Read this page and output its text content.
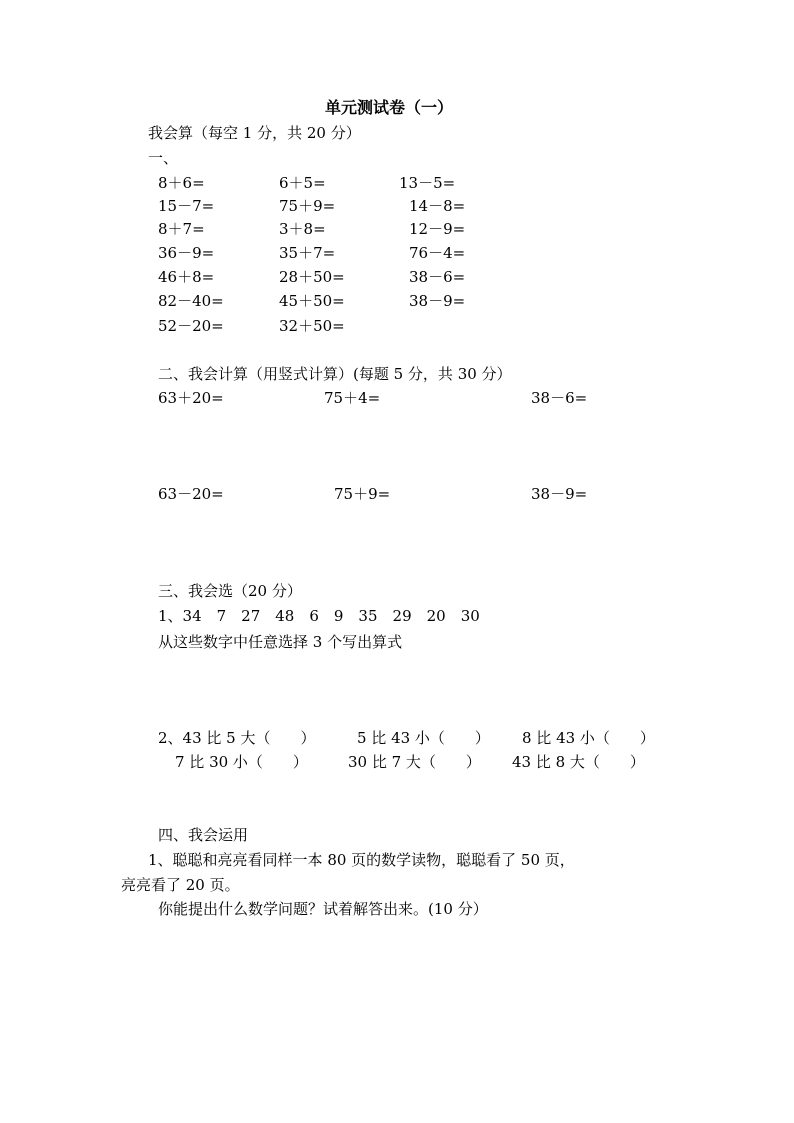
单元测试卷（一）
我会算（每空 1 分，共 20 分）
一、
8＋6=	6＋5=	13－5=
15－7=	75＋9=	14－8=
8＋7=	3＋8=	12－9=
36－9=	35＋7=	76－4=
46＋8=	28＋50=	38－6=
82－40=	45＋50=	38－9=
52－20=	32＋50=
二、我会计算（用竖式计算）(每题 5 分，共 30 分）
63＋20=	75＋4=	38－6=
63－20=	75＋9=	38－9=
三、我会选（20 分）
1、34　7　27　48　6　9　35　29　20　30
从这些数字中任意选择 3 个写出算式
2、43 比 5 大（　　）	5 比 43 小（　　） 8 比 43 小（　　）
7 比 30 小（　　）	30 比 7 大（　　） 43 比 8 大（　　）
四、我会运用
1、聪聪和亮亮看同样一本 80 页的数学读物，聪聪看了 50 页，
亮亮看了 20 页。
你能提出什么数学问题？试着解答出来。(10 分）
